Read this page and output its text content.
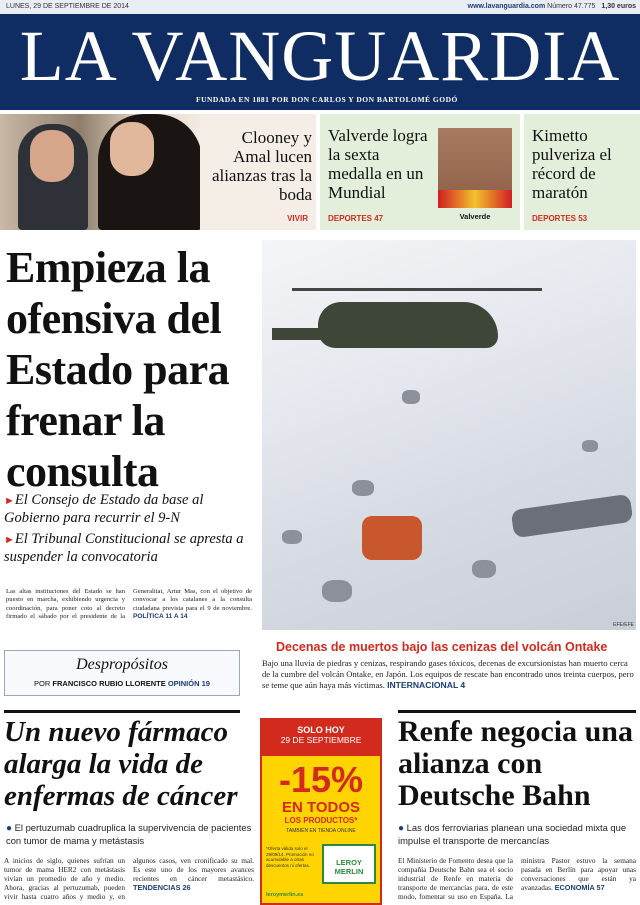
LUNES, 29 DE SEPTIEMBRE DE 2014	www.lavanguardia.com Número 47.775 1,30 euros
LA VANGUARDIA
FUNDADA EN 1881 POR DON CARLOS Y DON BARTOLOMÉ GODÓ
Clooney y Amal lucen alianzas tras la boda
VIVIR
Valverde logra la sexta medalla en un Mundial
Valverde
DEPORTES 47
Kimetto pulveriza el récord de maratón
DEPORTES 53
Empieza la ofensiva del Estado para frenar la consulta
►El Consejo de Estado da base al Gobierno para recurrir el 9-N
►El Tribunal Constitucional se apresta a suspender la convocatoria
Las altas instituciones del Estado se han puesto en marcha, exhibiendo urgencia y coordinación, para poner coto al decreto firmado el sábado por el presidente de la Generalitat, Artur Mas, con el objetivo de convocar a los catalanes a la consulta ciudadana prevista para el 9 de noviembre. POLÍTICA 11 A 14
Despropósitos
POR FRANCISCO RUBIO LLORENTE OPINIÓN 19
EFE/EFE
Decenas de muertos bajo las cenizas del volcán Ontake
Bajo una lluvia de piedras y cenizas, respirando gases tóxicos, decenas de excursionistas han muerto cerca de la cumbre del volcán Ontake, en Japón. Los equipos de rescate han encontrado unos treinta cuerpos, pero se teme que aún haya más víctimas. INTERNACIONAL 4
Un nuevo fármaco alarga la vida de enfermas de cáncer
● El pertuzumab cuadruplica la supervivencia de pacientes con tumor de mama y metástasis
A inicios de siglo, quienes sufrían un tumor de mama HER2 con metástasis vivían un promedio de año y medio. Ahora, gracias al pertuzumab, pueden vivir hasta cuatro años y medio y, en algunos casos, ven cronificado su mal. Es este uno de los mayores avances recientes en cáncer metastásico. TENDENCIAS 26
SOLO HOY
29 DE SEPTIEMBRE
-15%
EN TODOS
LOS PRODUCTOS*
TAMBIÉN EN TIENDA ONLINE
*Oferta válida solo el 29/09/14. Promoción no acumulable a otras descuentos ni ofertas.	LEROY MERLIN
leroymerlin.es
Renfe negocia una alianza con Deutsche Bahn
● Las dos ferroviarias planean una sociedad mixta que impulse el transporte de mercancías
El Ministerio de Fomento desea que la compañía Deutsche Bahn sea el socio industrial de Renfe en materia de transporte de mercancías para, de este modo, fomentar su uso en España. La ministra Pastor estuvo la semana pasada en Berlín para apoyar unas conversaciones que están ya avanzadas. ECONOMÍA 57
